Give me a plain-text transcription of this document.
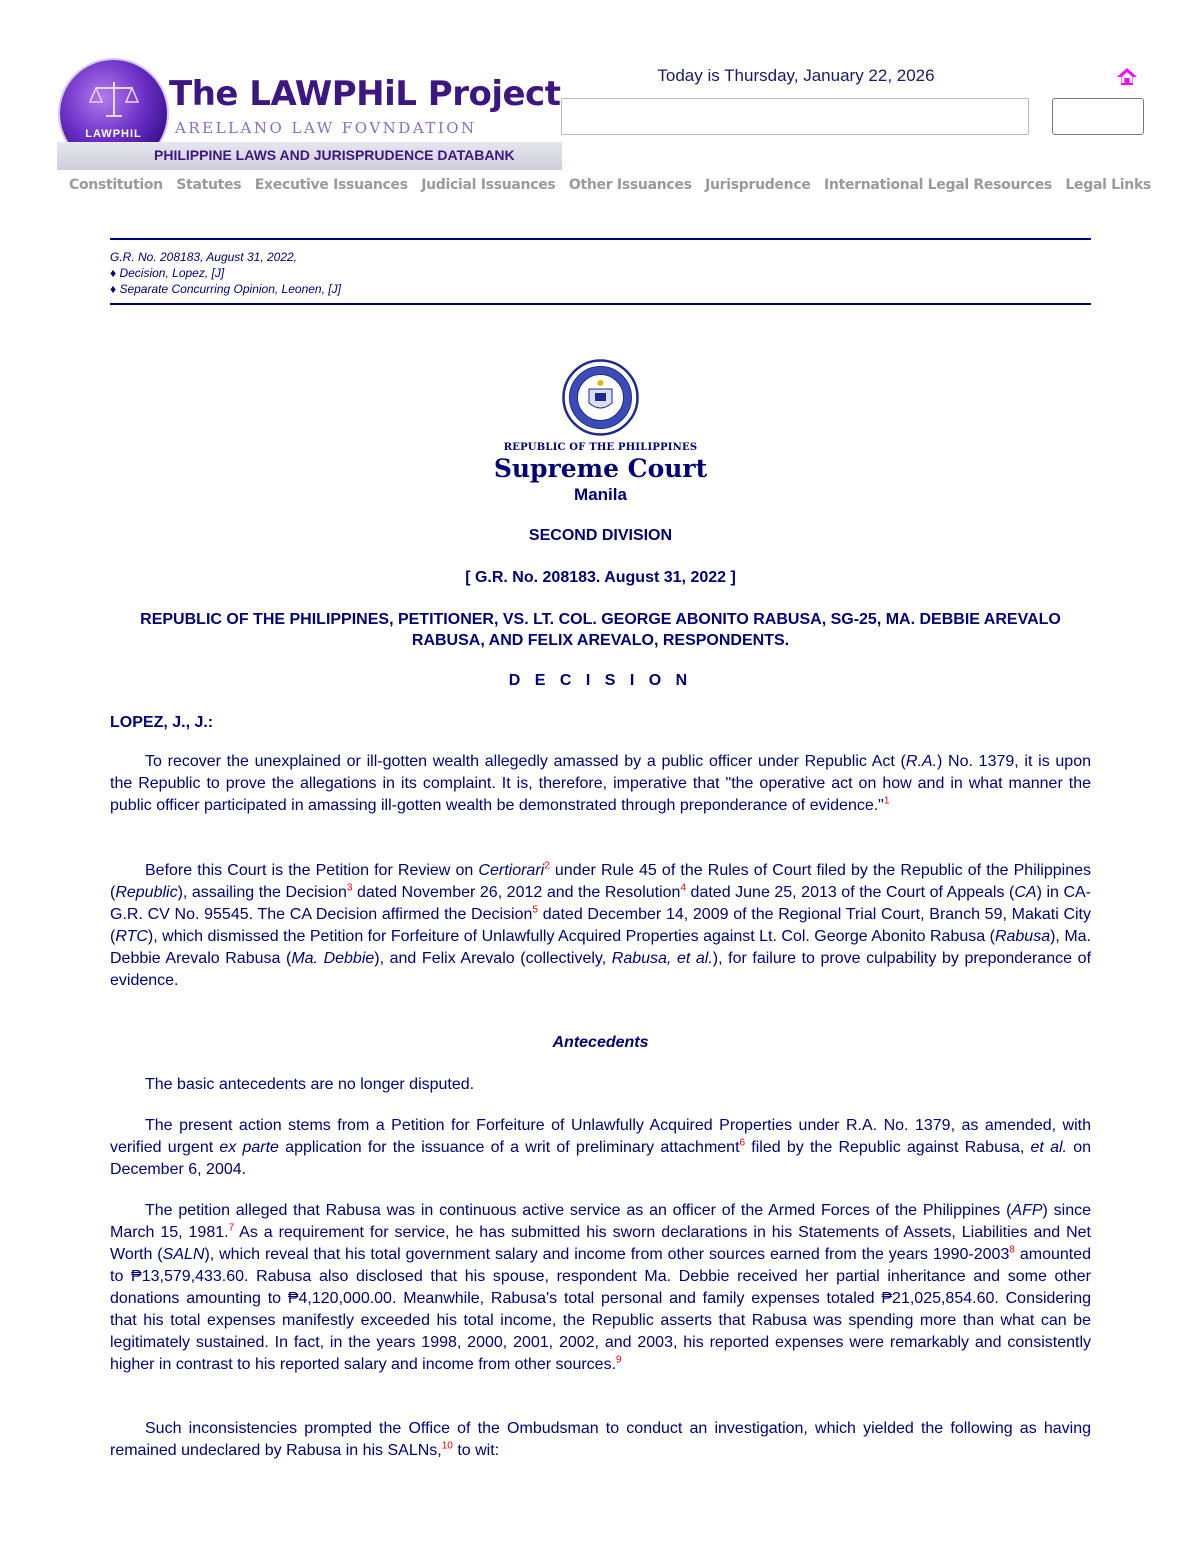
LAWPHIL
The LAWPHiL Project
ARELLANO LAW FOVNDATION
PHILIPPINE LAWS AND JURISPRUDENCE DATABANK
Today is Thursday, January 22, 2026
Constitution Statutes Executive Issuances Judicial Issuances Other Issuances Jurisprudence International Legal Resources Legal Links
G.R. No. 208183, August 31, 2022,
♦ Decision, Lopez, [J]
♦ Separate Concurring Opinion, Leonen, [J]
REPUBLIC OF THE PHILIPPINES
Supreme Court
Manila
SECOND DIVISION
[ G.R. No. 208183. August 31, 2022 ]
REPUBLIC OF THE PHILIPPINES, PETITIONER, VS. LT. COL. GEORGE ABONITO RABUSA, SG-25, MA. DEBBIE AREVALO RABUSA, AND FELIX AREVALO, RESPONDENTS.
D E C I S I O N
LOPEZ, J., J.:
To recover the unexplained or ill-gotten wealth allegedly amassed by a public officer under Republic Act (R.A.) No. 1379, it is upon the Republic to prove the allegations in its complaint. It is, therefore, imperative that "the operative act on how and in what manner the public officer participated in amassing ill-gotten wealth be demonstrated through preponderance of evidence."$^1$
Before this Court is the Petition for Review on Certiorari$^2$ under Rule 45 of the Rules of Court filed by the Republic of the Philippines (Republic), assailing the Decision$^3$ dated November 26, 2012 and the Resolution$^4$ dated June 25, 2013 of the Court of Appeals (CA) in CA-G.R. CV No. 95545. The CA Decision affirmed the Decision$^5$ dated December 14, 2009 of the Regional Trial Court, Branch 59, Makati City (RTC), which dismissed the Petition for Forfeiture of Unlawfully Acquired Properties against Lt. Col. George Abonito Rabusa (Rabusa), Ma. Debbie Arevalo Rabusa (Ma. Debbie), and Felix Arevalo (collectively, Rabusa, et al.), for failure to prove culpability by preponderance of evidence.
Antecedents
The basic antecedents are no longer disputed.
The present action stems from a Petition for Forfeiture of Unlawfully Acquired Properties under R.A. No. 1379, as amended, with verified urgent ex parte application for the issuance of a writ of preliminary attachment$^6$ filed by the Republic against Rabusa, et al. on December 6, 2004.
The petition alleged that Rabusa was in continuous active service as an officer of the Armed Forces of the Philippines (AFP) since March 15, 1981.$^7$ As a requirement for service, he has submitted his sworn declarations in his Statements of Assets, Liabilities and Net Worth (SALN), which reveal that his total government salary and income from other sources earned from the years 1990-2003$^8$ amounted to ₱13,579,433.60. Rabusa also disclosed that his spouse, respondent Ma. Debbie received her partial inheritance and some other donations amounting to ₱4,120,000.00. Meanwhile, Rabusa's total personal and family expenses totaled ₱21,025,854.60. Considering that his total expenses manifestly exceeded his total income, the Republic asserts that Rabusa was spending more than what can be legitimately sustained. In fact, in the years 1998, 2000, 2001, 2002, and 2003, his reported expenses were remarkably and consistently higher in contrast to his reported salary and income from other sources.$^9$
Such inconsistencies prompted the Office of the Ombudsman to conduct an investigation, which yielded the following as having remained undeclared by Rabusa in his SALNs,$^{10}$ to wit:
